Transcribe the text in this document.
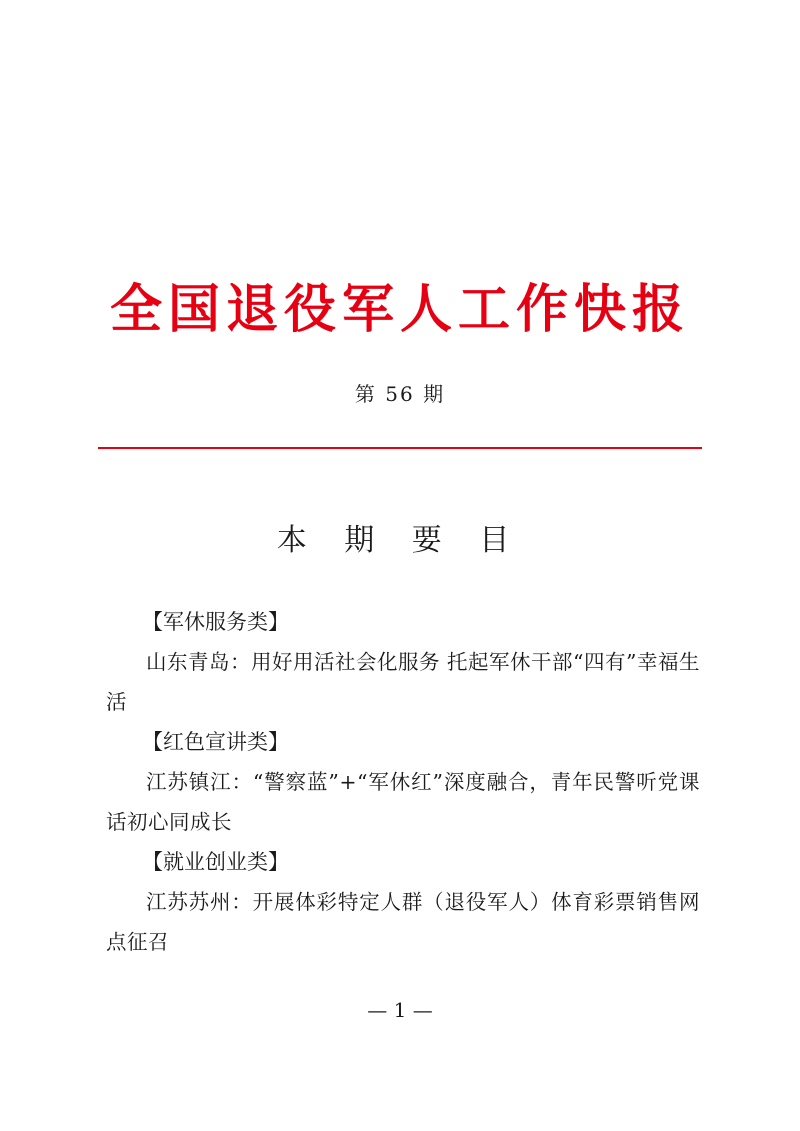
全国退役军人工作快报
第 56 期
本 期 要 目

【军休服务类】

山东青岛：用好用活社会化服务 托起军休干部“四有”幸福生活

【红色宣讲类】

江苏镇江：“警察蓝”+“军休红”深度融合，青年民警听党课话初心同成长

【就业创业类】

江苏苏州：开展体彩特定人群（退役军人）体育彩票销售网点征召

— 1 —
